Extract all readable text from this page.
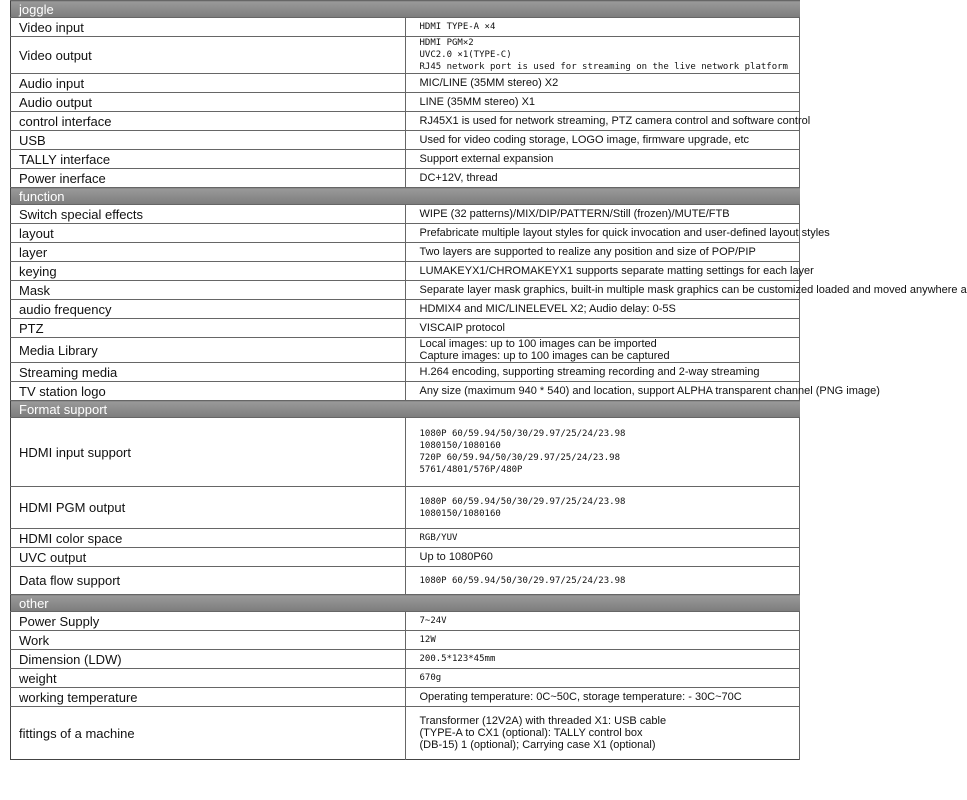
joggle	
Video input	HDMI TYPE-A ×4

Video output	HDMI PGM×2
UVC2.0 ×1(TYPE-C)
RJ45 network port is used for streaming on the live network platform

Audio input	MIC/LINE (35MM stereo) X2

Audio output	LINE (35MM stereo) X1

control interface	RJ45X1 is used for network streaming, PTZ camera control and software control

USB	Used for video coding storage, LOGO image, firmware upgrade, etc

TALLY interface	Support external expansion

Power inerface	DC+12V, thread

function	
Switch special effects	WIPE (32 patterns)/MIX/DIP/PATTERN/Still (frozen)/MUTE/FTB

layout	Prefabricate multiple layout styles for quick invocation and user-defined layout styles

layer	Two layers are supported to realize any position and size of POP/PIP

keying	LUMAKEYX1/CHROMAKEYX1 supports separate matting settings for each layer

Mask	Separate layer mask graphics, built-in multiple mask graphics can be customized loaded and moved anywhere a

audio frequency	HDMIX4 and MIC/LINELEVEL X2; Audio delay: 0-5S

PTZ	VISCAIP protocol

Media Library	Local images: up to 100 images can be imported
Capture images: up to 100 images can be captured

Streaming media	H.264 encoding, supporting streaming recording and 2-way streaming

TV station logo	Any size (maximum 940 * 540) and location, support ALPHA transparent channel (PNG image)

Format support	
HDMI input support	1080P 60/59.94/50/30/29.97/25/24/23.98
1080150/1080160
720P 60/59.94/50/30/29.97/25/24/23.98
5761/4801/576P/480P

HDMI PGM output	1080P 60/59.94/50/30/29.97/25/24/23.98
1080150/1080160

HDMI color space	RGB/YUV

UVC output	Up to 1080P60

Data flow support	1080P 60/59.94/50/30/29.97/25/24/23.98

other	
Power Supply	7~24V

Work	12W

Dimension (LDW)	200.5*123*45mm

weight	670g

working temperature	Operating temperature: 0C~50C, storage temperature: - 30C~70C

fittings of a machine	Transformer (12V2A) with threaded X1: USB cable
(TYPE-A to CX1 (optional): TALLY control box
(DB-15) 1 (optional); Carrying case X1 (optional)
